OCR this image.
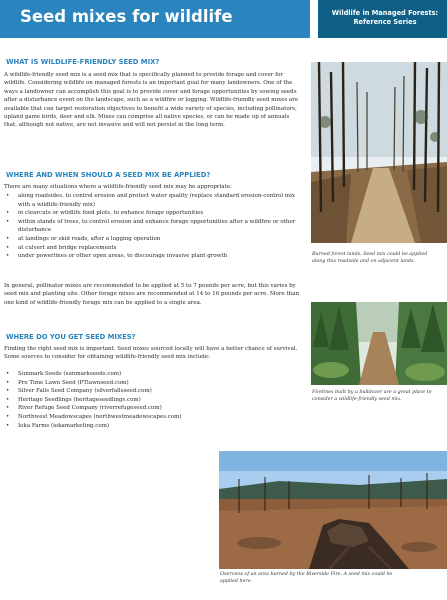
Seed mixes for wildlife	Wildlife in Managed Forests: Reference Series
WHAT IS WILDLIFE-FRIENDLY SEED MIX?

A wildlife-friendly seed mix is a seed mix that is specifically planned to provide forage and cover for wildlife. Considering wildlife on managed forests is an important goal for many landowners. One of the ways a landowner can accomplish this goal is to provide cover and forage opportunities by sowing seeds after a disturbance event on the landscape, such as a wildfire or logging. Wildlife-friendly seed mixes are available that can target restoration objectives to benefit a wide variety of species, including pollinators, upland game birds, deer and elk. Mixes can comprise all native species, or can be made up of annuals that, although not native, are not invasive and will not persist in the long term.

WHERE AND WHEN SHOULD A SEED MIX BE APPLIED?

There are many situations where a wildlife-friendly seed mix may be appropriate:

• along roadsides, to control erosion and protect water quality (replace standard erosion-control mix with a wildlife-friendly mix)
• in clearcuts or wildlife food plots, to enhance forage opportunities
• within stands of trees, to control erosion and enhance forage opportunities after a wildfire or other disturbance
• at landings or skid roads, after a logging operation
• at culvert and bridge replacements
• under powerlines or other open areas, to discourage invasive plant growth

In general, pollinator mixes are recommended to be applied at 5 to 7 pounds per acre, but this varies by seed mix and planting site. Other forage mixes are recommended at 14 to 16 pounds per acre. More than one kind of wildlife-friendly forage mix can be applied to a single area.

WHERE DO YOU GET SEED MIXES?

Finding the right seed mix is important. Seed mixes sourced locally will have a better chance of survival. Some sources to consider for obtaining wildlife-friendly seed mix include:

• Sunmark Seeds (sunmarkseeds.com)
• Pro Time Lawn Seed (PTlawnseed.com)
• Silver Falls Seed Company (silverfallsseed.com)
• Heritage Seedlings (heritageseedlings.com)
• River Refuge Seed Company (riverrefugeseed.com)
• Northwest Meadowscapes (northwestmeadowscapes.com)
• Ioka Farms (iokamarketing.com)

Burned forest lands. Seed mix could be applied along this roadside and on adjacent lands.

Firelines built by a bulldozer are a great place to consider a wildlife-friendly seed mix.

Overview of an area burned by the Riverside Fire. A seed mix could be applied here.
